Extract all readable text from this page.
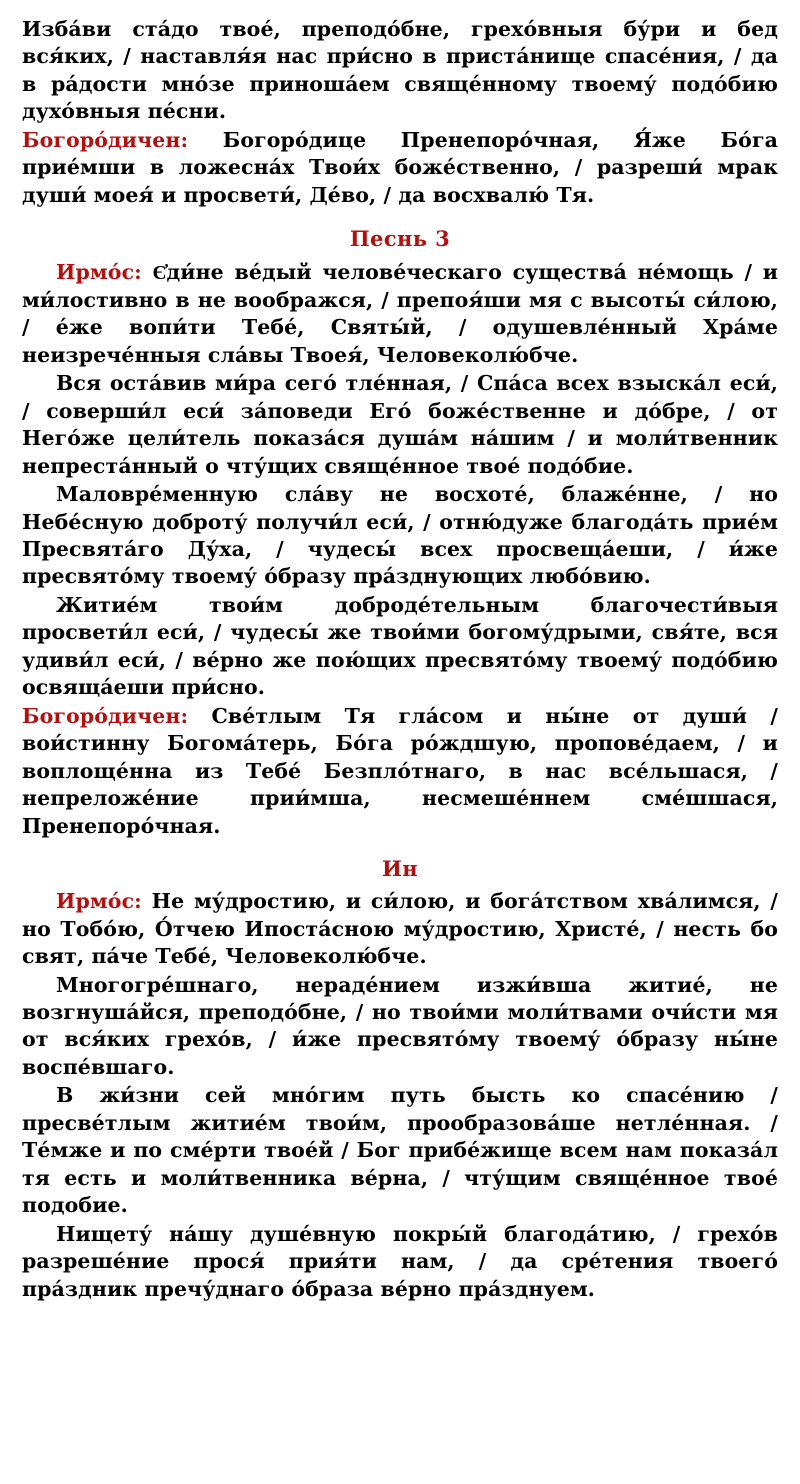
Изба́ви ста́до твое́, преподо́бне, грехо́вныя бу́ри и бед вся́ких, / наставля́я нас при́сно в приста́нище спасе́ния, / да в ра́дости мно́зе приноша́ем свяще́нному твоему́ подо́бию духо́вныя пе́сни.

Богоро́дичен: Богоро́дице Пренепоро́чная, Я́же Бо́га прие́мши в ложесна́х Твои́х боже́ственно, / разреши́ мрак души́ моея́ и просвети́, Де́во, / да восхвалю́ Тя.

Песнь 3

Ирмо́с: Є҆ди́не ве́дый челове́ческаго существа́ не́мощь / и ми́лостивно в не воображся, / препоя́ши мя с высоты́ си́лою, / е́же вопи́ти Тебе́, Святы́й, / одушевле́нный Хра́ме неизрече́нныя сла́вы Твоея́, Человеколю́бче.

Вся оста́вив ми́ра сего́ тле́нная, / Спа́са всех взыска́л еси́, / соверши́л еси́ за́поведи Его́ боже́ственне и до́бре, / от Него́же цели́тель показа́ся душа́м на́шим / и моли́твенник непреста́нный о чту́щих свяще́нное твое́ подо́бие.

Маловре́менную сла́ву не восхоте́, блаже́нне, / но Небе́сную доброту́ получи́л еси́, / отню́дуже благода́ть прие́м Пресвята́го Ду́ха, / чудесы́ всех просвеща́еши, / и́же пресвято́му твоему́ о́бразу пра́зднующих любо́вию.

Житие́м твои́м доброде́тельным благочести́выя просвети́л еси́, / чудесы́ же твои́ми богому́дрыми, свя́те, вся удиви́л еси́, / ве́рно же пою́щих пресвято́му твоему́ подо́бию освяща́еши при́сно.

Богоро́дичен: Све́тлым Тя гла́сом и ны́не от души́ / вои́стинну Богома́терь, Бо́га ро́ждшую, пропове́даем, / и воплоще́нна из Тебе́ Безпло́тнаго, в нас все́льшася, / непреложе́ние прии́мша, несмеше́ннем сме́шшася, Пренепоро́чная.

Ин

Ирмо́с: Не му́дростию, и си́лою, и бога́тством хва́лимся, / но Тобо́ю, О́тчею Ипоста́сною му́дростию, Христе́, / несть бо свят, па́че Тебе́, Человеколю́бче.

Многогре́шнаго, нераде́нием изжи́вша житие́, не возгнуша́йся, преподо́бне, / но твои́ми моли́твами очи́сти мя от вся́ких грехо́в, / и́же пресвято́му твоему́ о́бразу ны́не воспе́вшаго.

В жи́зни сей мно́гим путь бысть ко спасе́нию / пресве́тлым житие́м твои́м, прообразова́ше нетле́нная. / Те́мже и по сме́рти твое́й / Бог прибе́жище всем нам показа́л тя есть и моли́твенника ве́рна, / чту́щим свяще́нное твое́ подобие.

Нищету́ на́шу душе́вную покры́й благода́тию, / грехо́в разреше́ние прося́ прия́ти нам, / да сре́тения твоего́ пра́здник пречу́днаго о́браза ве́рно пра́зднуем.
